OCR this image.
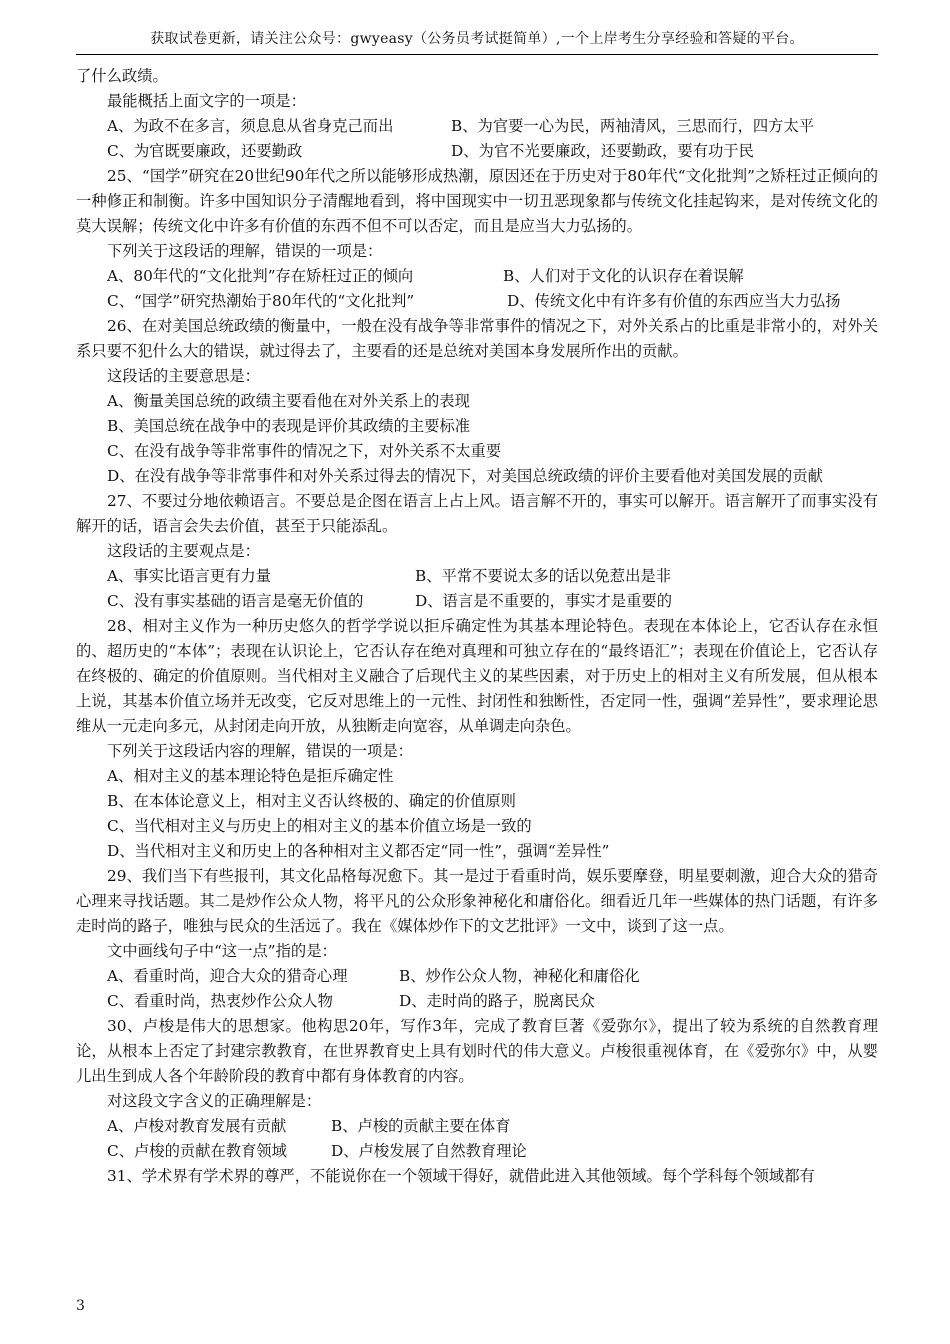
获取试卷更新，请关注公众号：gwyeasy（公务员考试挺简单）,一个上岸考生分享经验和答疑的平台。

了什么政绩。

最能概括上面文字的一项是：

A、为政不在多言，须息息从省身克己而出	B、为官要一心为民，两袖清风，三思而行，四方太平

C、为官既要廉政，还要勤政	D、为官不光要廉政，还要勤政，要有功于民

25、“国学”研究在20世纪90年代之所以能够形成热潮，原因还在于历史对于80年代“文化批判”之矫枉过正倾向的一种修正和制衡。许多中国知识分子清醒地看到，将中国现实中一切丑恶现象都与传统文化挂起钩来，是对传统文化的莫大误解；传统文化中许多有价值的东西不但不可以否定，而且是应当大力弘扬的。

下列关于这段话的理解，错误的一项是：

A、80年代的“文化批判”存在矫枉过正的倾向	B、人们对于文化的认识存在着误解

C、“国学”研究热潮始于80年代的“文化批判”	D、传统文化中有许多有价值的东西应当大力弘扬

26、在对美国总统政绩的衡量中，一般在没有战争等非常事件的情况之下，对外关系占的比重是非常小的，对外关系只要不犯什么大的错误，就过得去了，主要看的还是总统对美国本身发展所作出的贡献。

这段话的主要意思是：

A、衡量美国总统的政绩主要看他在对外关系上的表现

B、美国总统在战争中的表现是评价其政绩的主要标准

C、在没有战争等非常事件的情况之下，对外关系不太重要

D、在没有战争等非常事件和对外关系过得去的情况下，对美国总统政绩的评价主要看他对美国发展的贡献

27、不要过分地依赖语言。不要总是企图在语言上占上风。语言解不开的，事实可以解开。语言解开了而事实没有解开的话，语言会失去价值，甚至于只能添乱。

这段话的主要观点是：

A、事实比语言更有力量	B、平常不要说太多的话以免惹出是非

C、没有事实基础的语言是毫无价值的	D、语言是不重要的，事实才是重要的

28、相对主义作为一种历史悠久的哲学学说以拒斥确定性为其基本理论特色。表现在本体论上，它否认存在永恒的、超历史的“本体”；表现在认识论上，它否认存在绝对真理和可独立存在的“最终语汇”；表现在价值论上，它否认存在终极的、确定的价值原则。当代相对主义融合了后现代主义的某些因素，对于历史上的相对主义有所发展，但从根本上说，其基本价值立场并无改变，它反对思维上的一元性、封闭性和独断性，否定同一性，强调“差异性”，要求理论思维从一元走向多元，从封闭走向开放，从独断走向宽容，从单调走向杂色。

下列关于这段话内容的理解，错误的一项是：

A、相对主义的基本理论特色是拒斥确定性

B、在本体论意义上，相对主义否认终极的、确定的价值原则

C、当代相对主义与历史上的相对主义的基本价值立场是一致的

D、当代相对主义和历史上的各种相对主义都否定“同一性”，强调“差异性”

29、我们当下有些报刊，其文化品格每况愈下。其一是过于看重时尚，娱乐要摩登，明星要刺激，迎合大众的猎奇心理来寻找话题。其二是炒作公众人物，将平凡的公众形象神秘化和庸俗化。细看近几年一些媒体的热门话题，有许多走时尚的路子，唯独与民众的生活远了。我在《媒体炒作下的文艺批评》一文中，谈到了这一点。

文中画线句子中“这一点”指的是：

A、看重时尚，迎合大众的猎奇心理	B、炒作公众人物，神秘化和庸俗化

C、看重时尚，热衷炒作公众人物	D、走时尚的路子，脱离民众

30、卢梭是伟大的思想家。他构思20年，写作3年，完成了教育巨著《爱弥尔》，提出了较为系统的自然教育理论，从根本上否定了封建宗教教育，在世界教育史上具有划时代的伟大意义。卢梭很重视体育，在《爱弥尔》中，从婴儿出生到成人各个年龄阶段的教育中都有身体教育的内容。

对这段文字含义的正确理解是：

A、卢梭对教育发展有贡献	B、卢梭的贡献主要在体育

C、卢梭的贡献在教育领域	D、卢梭发展了自然教育理论

31、学术界有学术界的尊严，不能说你在一个领域干得好，就借此进入其他领域。每个学科每个领域都有

3
